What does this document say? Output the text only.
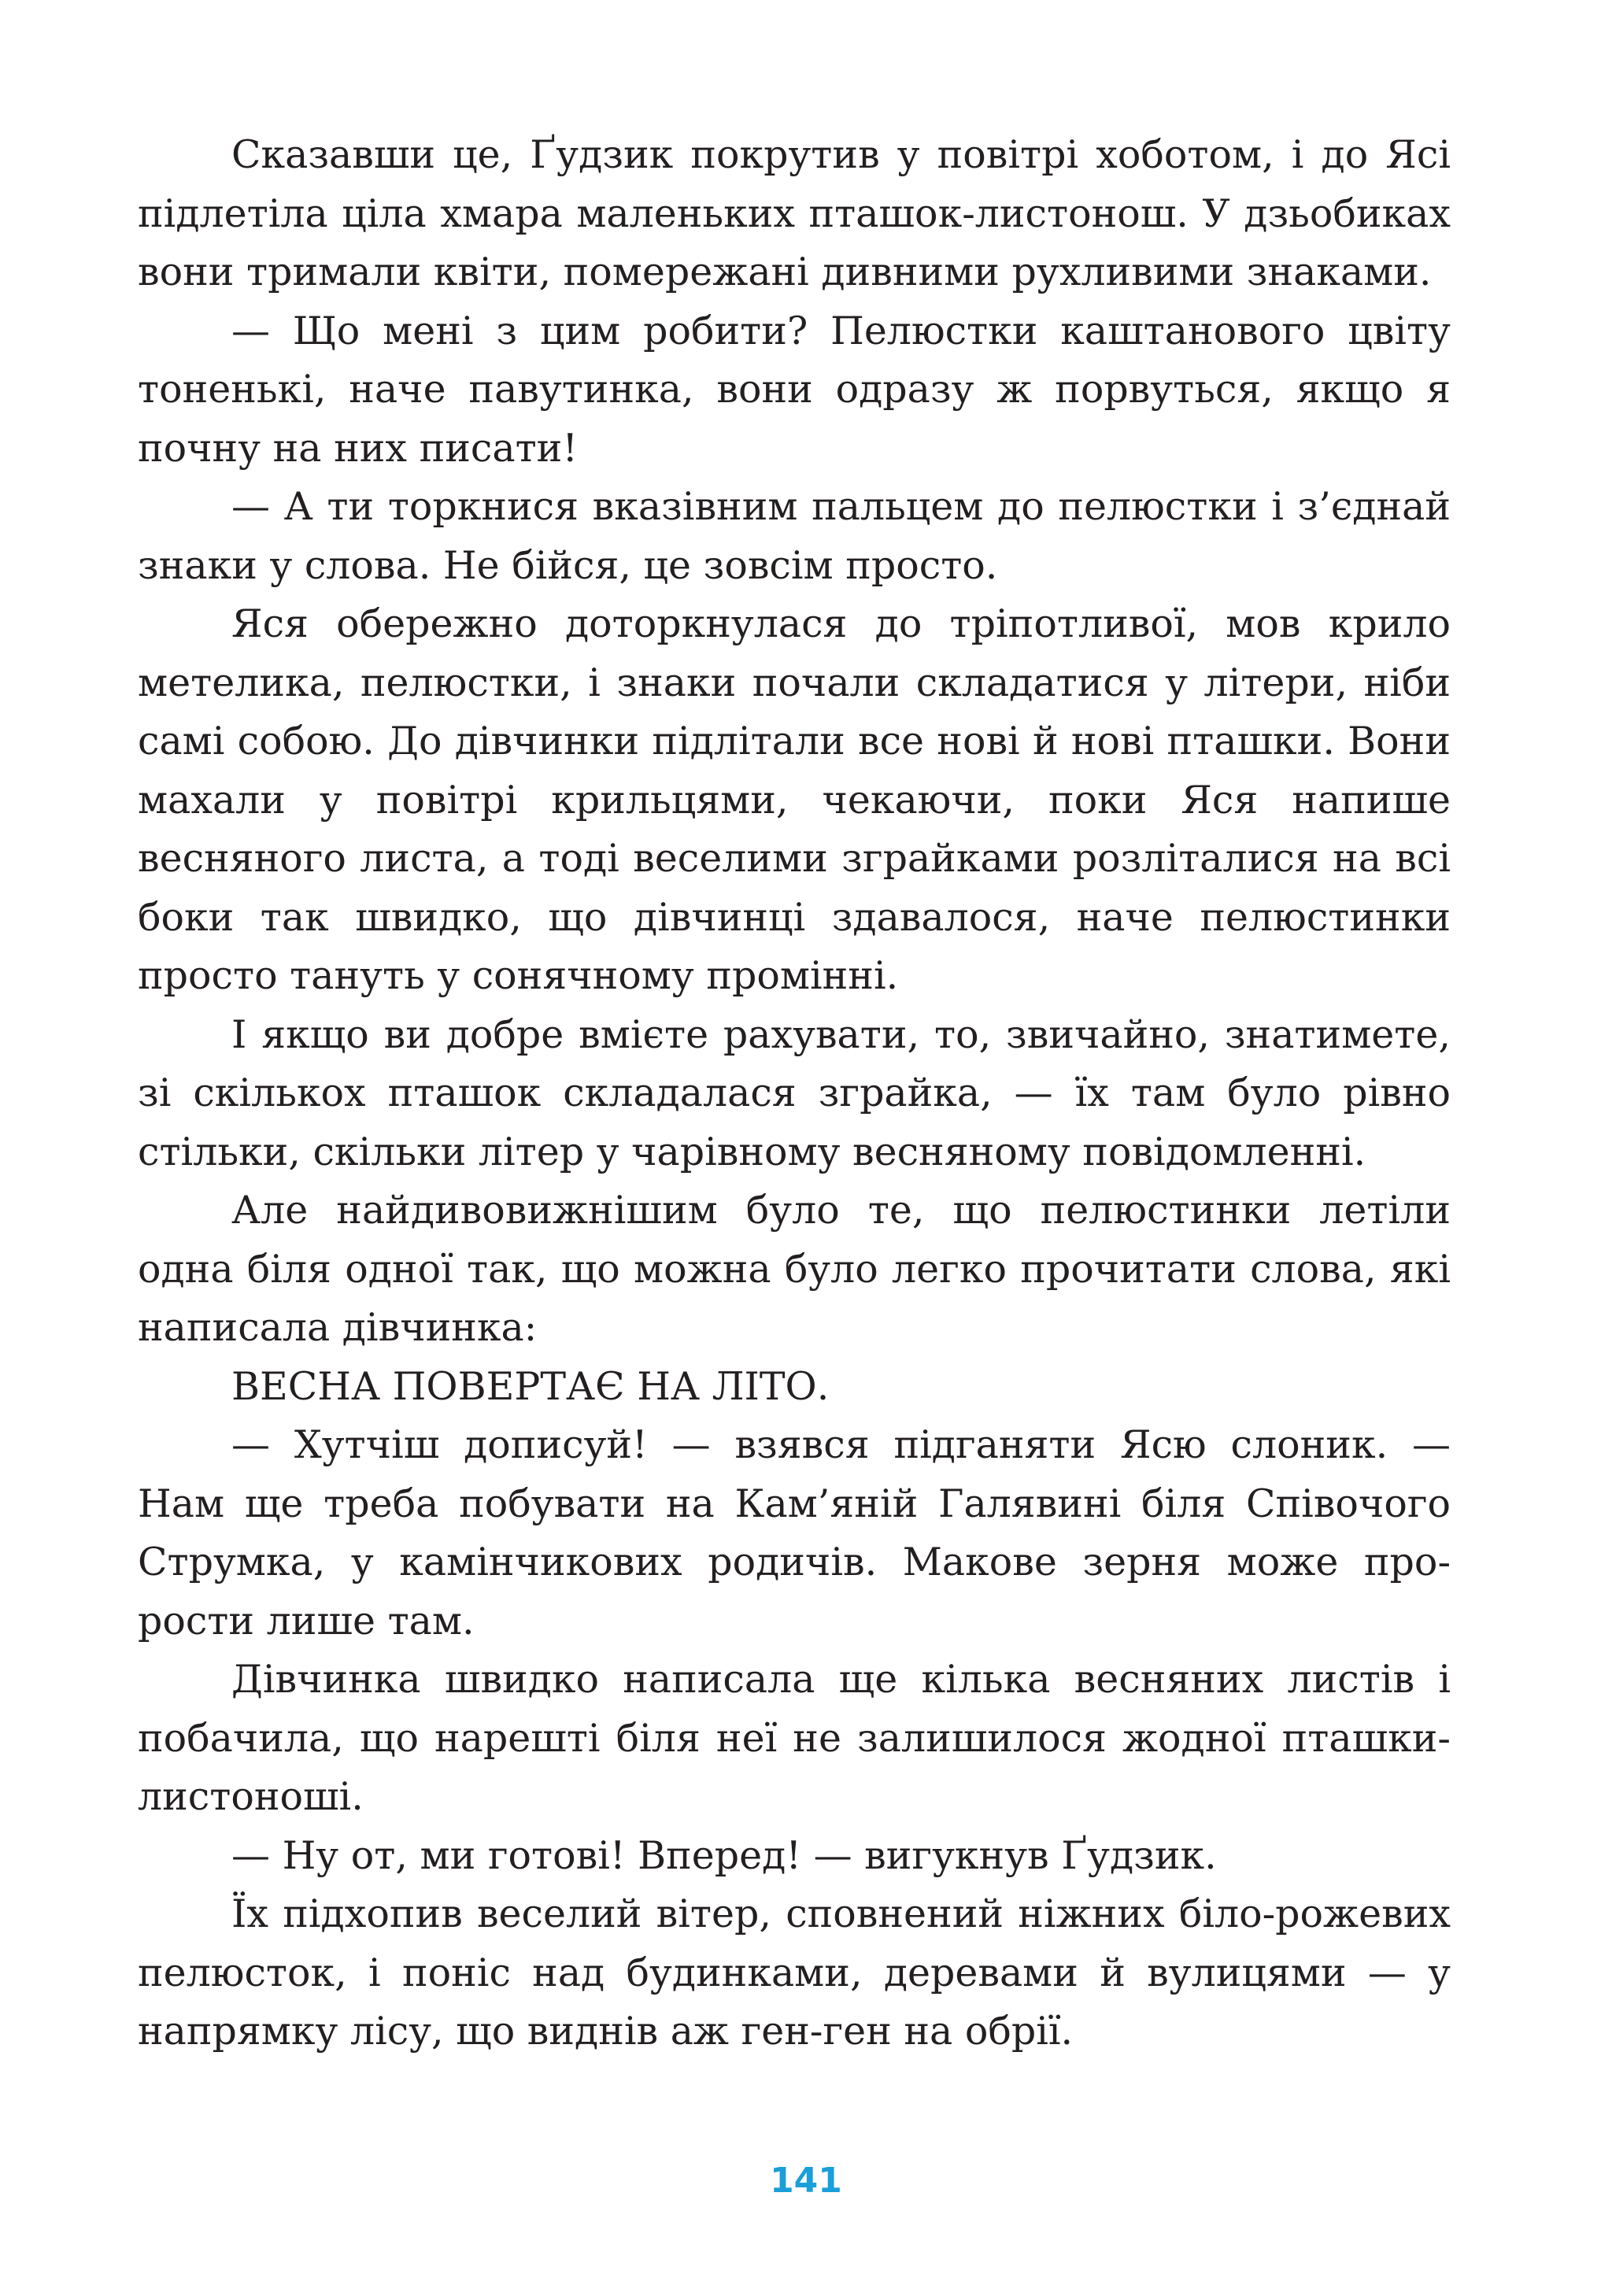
Сказавши це, Ґудзик покрутив у повітрі хоботом, і до Ясі підлетіла ціла хмара маленьких пташок-листонош. У дзьобиках вони тримали квіти, помережані дивними рухливими знаками.

— Що мені з цим робити? Пелюстки каштанового цвіту тоненькі, наче павутинка, вони одразу ж порвуться, якщо я почну на них писати!

— А ти торкнися вказівним пальцем до пелюстки і з’єднай знаки у слова. Не бійся, це зовсім просто.

Яся обережно доторкнулася до тріпотливої, мов крило метелика, пелюстки, і знаки почали складатися у літери, ніби самі собою. До дівчинки підлітали все нові й нові пташки. Вони махали у повітрі крильцями, чекаючи, поки Яся напише весняного листа, а тоді веселими зграйками розліталися на всі боки так швидко, що дівчинці здавалося, наче пелюстинки просто тануть у сонячному промінні.

І якщо ви добре вмієте рахувати, то, звичайно, знатимете, зі скількох пташок складалася зграйка, — їх там було рівно стільки, скільки літер у чарівному весняному повідомленні.

Але найдивовижнішим було те, що пелюстинки летіли одна біля одної так, що можна було легко прочитати слова, які написала дівчинка:

ВЕСНА ПОВЕРТАЄ НА ЛІТО.

— Хутчіш дописуй! — взявся підганяти Ясю слоник. — Нам ще треба побувати на Кам’яній Галявині біля Співочого Струмка, у камінчикових родичів. Макове зерня може прорости лише там.

Дівчинка швидко написала ще кілька весняних листів і побачила, що нарешті біля неї не залишилося жодної пташки-листоноші.

— Ну от, ми готові! Вперед! — вигукнув Ґудзик.

Їх підхопив веселий вітер, сповнений ніжних біло-рожевих пелюсток, і поніс над будинками, деревами й вулицями — у напрямку лісу, що виднів аж ген-ген на обрії.

141
